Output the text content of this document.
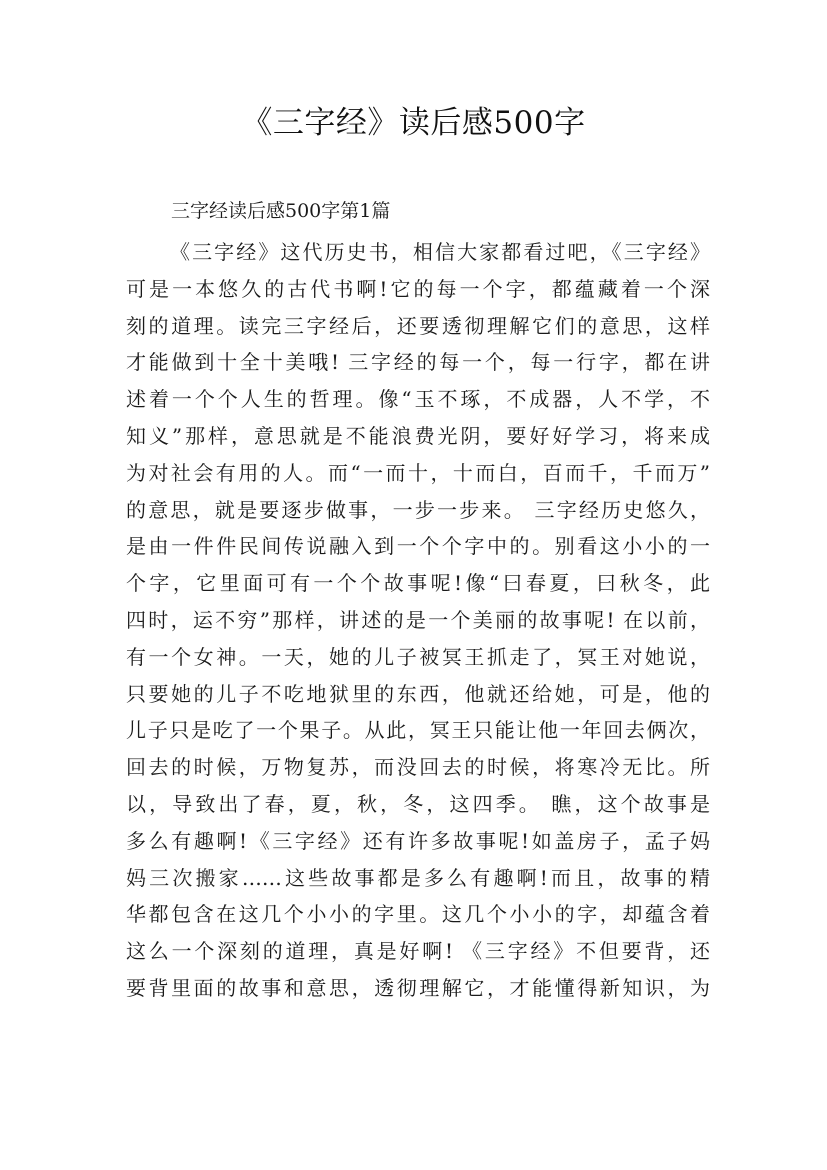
《三字经》读后感500字
三字经读后感500字第1篇
《三字经》这代历史书，相信大家都看过吧，《三字经》
可是一本悠久的古代书啊!它的每一个字，都蕴藏着一个深
刻的道理。读完三字经后，还要透彻理解它们的意思，这样
才能做到十全十美哦! 三字经的每一个，每一行字，都在讲
述着一个个人生的哲理。像“玉不琢，不成器，人不学，不
知义”那样，意思就是不能浪费光阴，要好好学习，将来成
为对社会有用的人。而“一而十，十而白，百而千，千而万”
的意思，就是要逐步做事，一步一步来。 三字经历史悠久，
是由一件件民间传说融入到一个个字中的。别看这小小的一
个字，它里面可有一个个故事呢!像“曰春夏，曰秋冬，此
四时，运不穷”那样，讲述的是一个美丽的故事呢! 在以前，
有一个女神。一天，她的儿子被冥王抓走了，冥王对她说，
只要她的儿子不吃地狱里的东西，他就还给她，可是，他的
儿子只是吃了一个果子。从此，冥王只能让他一年回去俩次，
回去的时候，万物复苏，而没回去的时候，将寒冷无比。所
以，导致出了春，夏，秋，冬，这四季。 瞧，这个故事是
多么有趣啊!《三字经》还有许多故事呢!如盖房子，孟子妈
妈三次搬家……这些故事都是多么有趣啊!而且，故事的精
华都包含在这几个小小的字里。这几个小小的字，却蕴含着
这么一个深刻的道理，真是好啊! 《三字经》不但要背，还
要背里面的故事和意思，透彻理解它，才能懂得新知识，为
